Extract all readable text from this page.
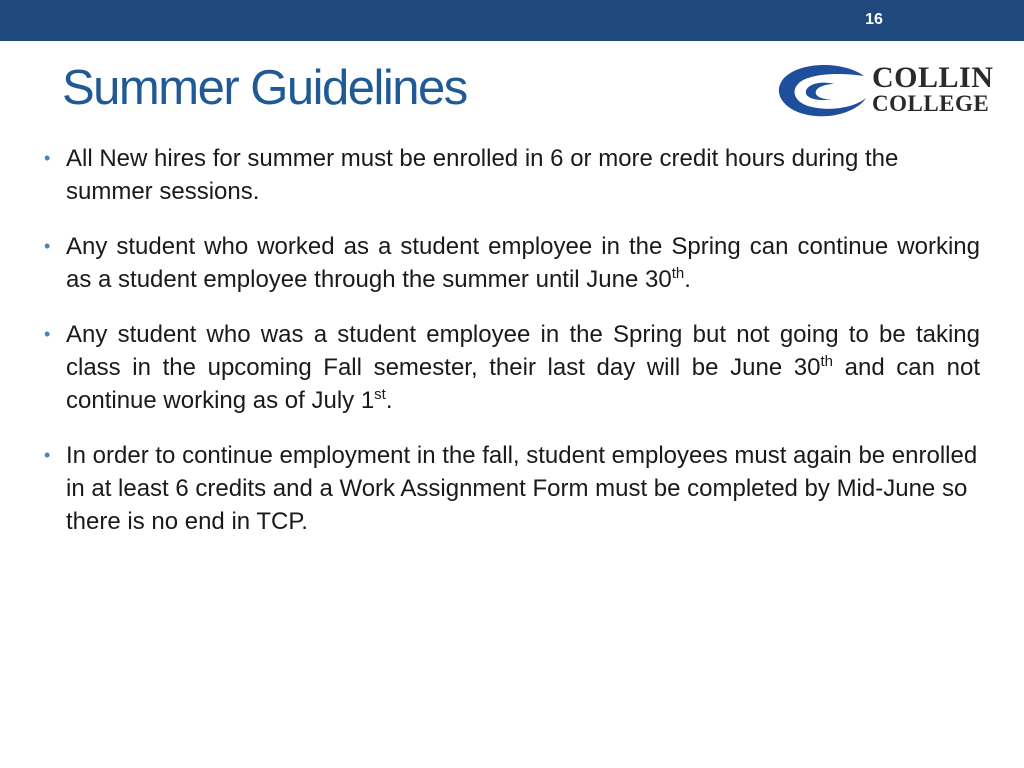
16
Summer Guidelines	COLLIN
COLLEGE
• All New hires for summer must be enrolled in 6 or more credit hours during the summer sessions.
• Any student who worked as a student employee in the Spring can continue working as a student employee through the summer until June 30th.
• Any student who was a student employee in the Spring but not going to be taking class in the upcoming Fall semester, their last day will be June 30th and can not continue working as of July 1st.
• In order to continue employment in the fall, student employees must again be enrolled in at least 6 credits and a Work Assignment Form must be completed by Mid-June so there is no end in TCP.
